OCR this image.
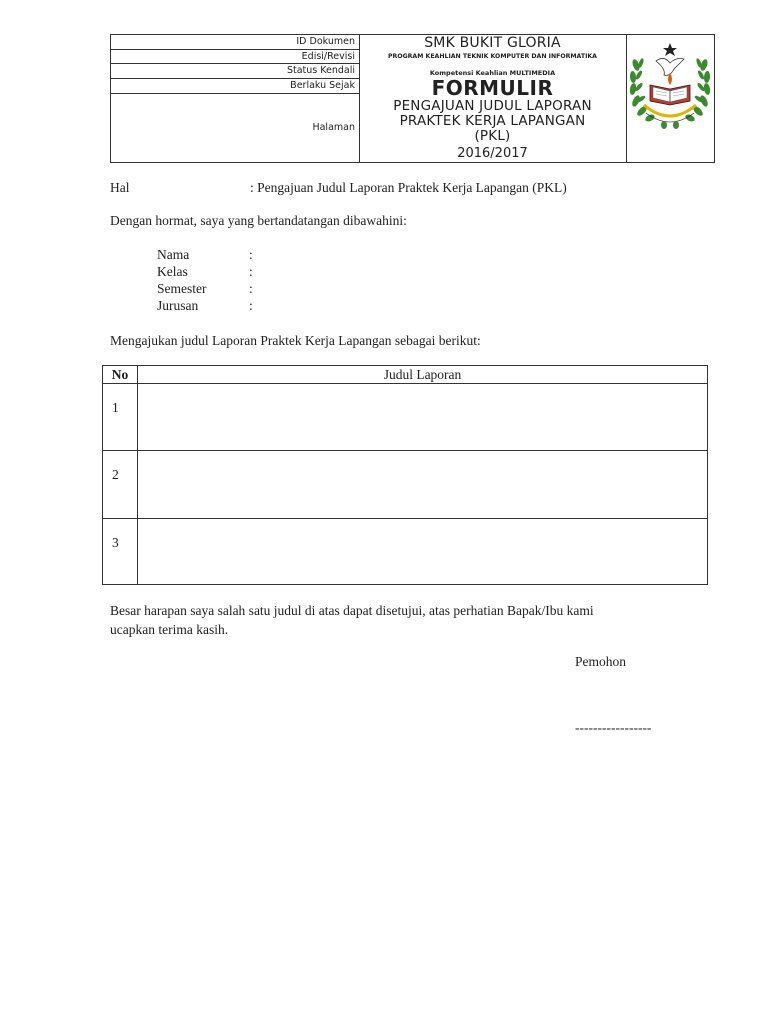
ID Dokumen
Edisi/Revisi
Status Kendali
Berlaku Sejak
Halaman
SMK BUKIT GLORIA
PROGRAM KEAHLIAN TEKNIK KOMPUTER DAN INFORMATIKA
Kompetensi Keahlian MULTIMEDIA
FORMULIR
PENGAJUAN JUDUL LAPORAN
PRAKTEK KERJA LAPANGAN
(PKL)
2016/2017
Hal	: Pengajuan Judul Laporan Praktek Kerja Lapangan (PKL)
Dengan hormat, saya yang bertandatangan dibawahini:
Nama	:
Kelas	:
Semester	:
Jurusan	:
Mengajukan judul Laporan Praktek Kerja Lapangan sebagai berikut:
No	Judul Laporan
1
2
3
Besar harapan saya salah satu judul di atas dapat disetujui, atas perhatian Bapak/Ibu kami
ucapkan terima kasih.
Pemohon
-----------------
